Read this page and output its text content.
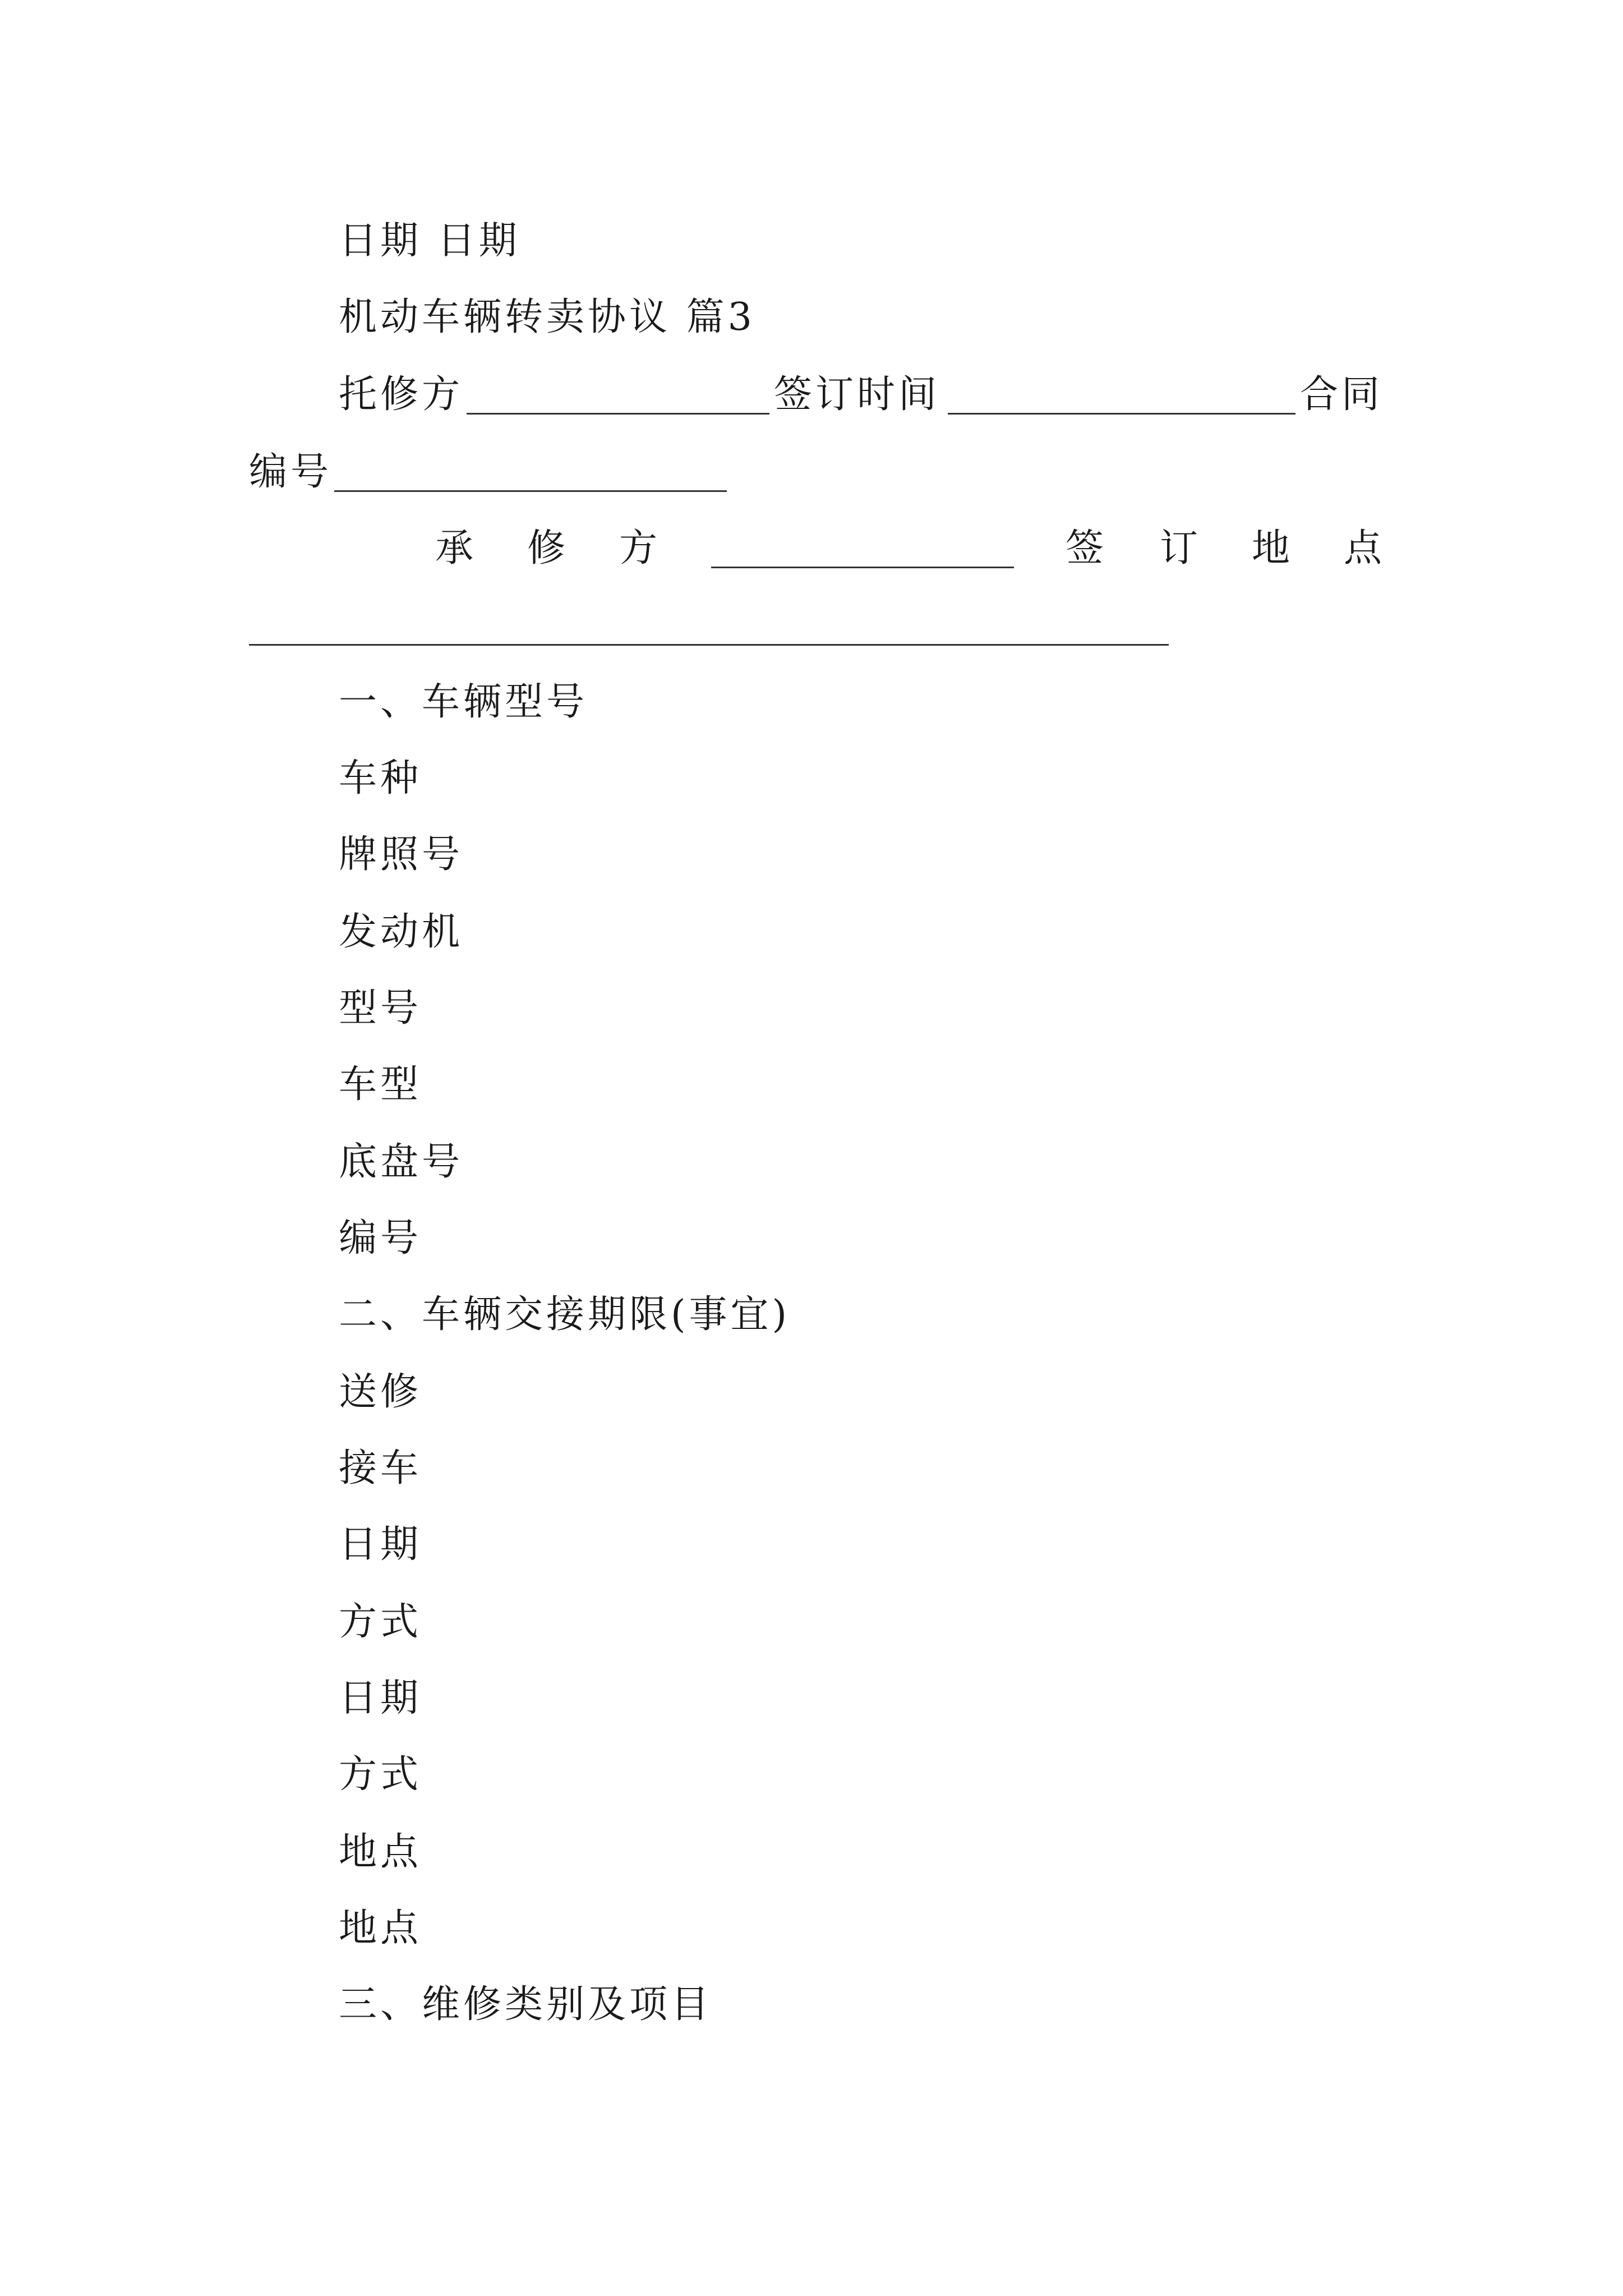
日期 日期
机动车辆转卖协议 篇3
托修方	签订时间	合同
编号
承 修 方	签 订 地 点
一、车辆型号
车种
牌照号
发动机
型号
车型
底盘号
编号
二、车辆交接期限(事宜)
送修
接车
日期
方式
日期
方式
地点
地点
三、维修类别及项目
